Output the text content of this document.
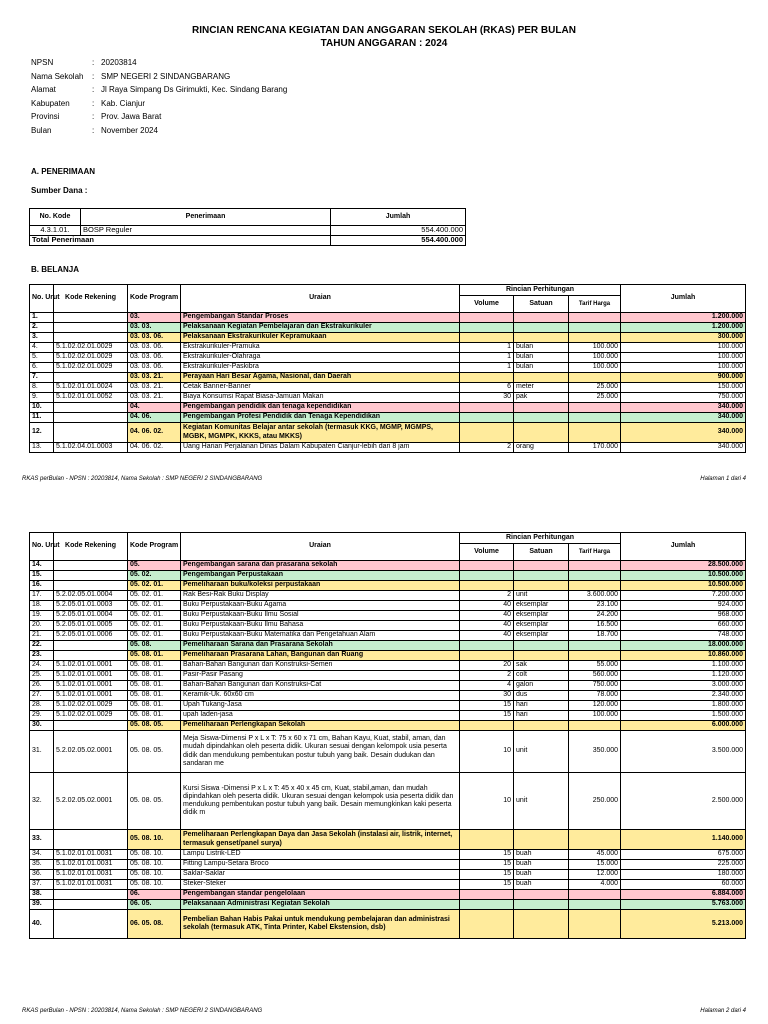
RINCIAN RENCANA KEGIATAN DAN ANGGARAN SEKOLAH (RKAS) PER BULAN
TAHUN ANGGARAN : 2024
NPSN	: 20203814
Nama Sekolah	: SMP NEGERI 2 SINDANGBARANG
Alamat	: Jl Raya Simpang Ds Girimukti, Kec. Sindang Barang
Kabupaten	: Kab. Cianjur
Provinsi	: Prov. Jawa Barat
Bulan	: November 2024
A. PENERIMAAN
Sumber Dana :
No. Kode	Penerimaan	Jumlah
4.3.1.01.	BOSP Reguler	554.400.000
Total Penerimaan		554.400.000
B. BELANJA
No. Urut	Kode Rekening	Kode Program	Uraian	Rincian Perhitungan			Jumlah
				Volume	Satuan	Tarif Harga	
1.		03.	Pengembangan Standar Proses				1.200.000
2.		03. 03.	Pelaksanaan Kegiatan Pembelajaran dan Ekstrakurikuler				1.200.000
3.		03. 03. 06.	Pelaksanaan Ekstrakurikuler Kepramukaan				300.000
4.	5.1.02.02.01.0029	03. 03. 06.	Ekstrakurikuler-Pramuka	1	bulan	100.000	100.000
5.	5.1.02.02.01.0029	03. 03. 06.	Ekstrakurikuler-Olahraga	1	bulan	100.000	100.000
6.	5.1.02.02.01.0029	03. 03. 06.	Ekstrakurikuler-Paskibra	1	bulan	100.000	100.000
7.		03. 03. 21.	Perayaan Hari Besar Agama, Nasional, dan Daerah				900.000
8.	5.1.02.01.01.0024	03. 03. 21.	Cetak Banner-Banner	6	meter	25.000	150.000
9.	5.1.02.01.01.0052	03. 03. 21.	Biaya Konsumsi Rapat Biasa-Jamuan Makan	30	pak	25.000	750.000
10.		04.	Pengembangan pendidik dan tenaga kependidikan				340.000
11.		04. 06.	Pengembangan Profesi Pendidik dan Tenaga Kependidikan				340.000
12.		04. 06. 02.	Kegiatan Komunitas Belajar antar sekolah (termasuk KKG, MGMP, MGMPS, MGBK, MGMPK, KKKS, atau MKKS)				340.000
13.	5.1.02.04.01.0003	04. 06. 02.	Uang Harian Perjalanan Dinas Dalam Kabupaten Cianjur-lebih dari 8 jam	2	orang	170.000	340.000
RKAS perBulan - NPSN : 20203814, Nama Sekolah : SMP NEGERI 2 SINDANGBARANG	Halaman 1 dari 4
No. Urut	Kode Rekening	Kode Program	Uraian	Rincian Perhitungan			Jumlah
				Volume	Satuan	Tarif Harga	
14.		05.	Pengembangan sarana dan prasarana sekolah				28.500.000
15.		05. 02.	Pengembangan Perpustakaan				10.500.000
16.		05. 02. 01.	Pemeliharaan buku/koleksi perpustakaan				10.500.000
17.	5.2.02.05.01.0004	05. 02. 01.	Rak Besi-Rak Buku Display	2	unit	3.600.000	7.200.000
18.	5.2.05.01.01.0003	05. 02. 01.	Buku Perpustakaan-Buku Agama	40	eksemplar	23.100	924.000
19.	5.2.05.01.01.0004	05. 02. 01.	Buku Perpustakaan-Buku Ilmu Sosial	40	eksemplar	24.200	968.000
20.	5.2.05.01.01.0005	05. 02. 01.	Buku Perpustakaan-Buku Ilmu Bahasa	40	eksemplar	16.500	660.000
21.	5.2.05.01.01.0006	05. 02. 01.	Buku Perpustakaan-Buku Matematika dan Pengetahuan Alam	40	eksemplar	18.700	748.000
22.		05. 08.	Pemeliharaan Sarana dan Prasarana Sekolah				18.000.000
23.		05. 08. 01.	Pemeliharaan Prasarana Lahan, Bangunan dan Ruang				10.860.000
24.	5.1.02.01.01.0001	05. 08. 01.	Bahan-Bahan Bangunan dan Konstruksi-Semen	20	sak	55.000	1.100.000
25.	5.1.02.01.01.0001	05. 08. 01.	Pasir-Pasir Pasang	2	colt	560.000	1.120.000
26.	5.1.02.01.01.0001	05. 08. 01.	Bahan-Bahan Bangunan dan Konstruksi-Cat	4	galon	750.000	3.000.000
27.	5.1.02.01.01.0001	05. 08. 01.	Keramik-Uk. 60x60 cm	30	dus	78.000	2.340.000
28.	5.1.02.02.01.0029	05. 08. 01.	Upah Tukang-Jasa	15	hari	120.000	1.800.000
29.	5.1.02.02.01.0029	05. 08. 01.	upah laden-jasa	15	hari	100.000	1.500.000
30.		05. 08. 05.	Pemeliharaan Perlengkapan Sekolah				6.000.000
31.	5.2.02.05.02.0001	05. 08. 05.	Meja Siswa-Dimensi P x L x T: 75 x 60 x 71 cm, Bahan Kayu, Kuat, stabil, aman, dan mudah dipindahkan oleh peserta didik. Ukuran sesuai dengan kelompok usia peserta didik dan mendukung pembentukan postur tubuh yang baik. Desain dudukan dan sandaran me	10	unit	350.000	3.500.000
32.	5.2.02.05.02.0001	05. 08. 05.	Kursi Siswa -Dimensi P x L x T: 45 x 40 x 45 cm, Kuat, stabil,aman, dan mudah dipindahkan oleh peserta didik. Ukuran sesuai dengan kelompok usia peserta didik dan mendukung pembentukan postur tubuh yang baik. Desain memungkinkan kaki peserta didik m	10	unit	250.000	2.500.000
33.		05. 08. 10.	Pemeliharaan Perlengkapan Daya dan Jasa Sekolah (instalasi air, listrik, internet, termasuk genset/panel surya)				1.140.000
34.	5.1.02.01.01.0031	05. 08. 10.	Lampu Listrik-LED	15	buah	45.000	675.000
35.	5.1.02.01.01.0031	05. 08. 10.	Fitting Lampu-Setara Broco	15	buah	15.000	225.000
36.	5.1.02.01.01.0031	05. 08. 10.	Saklar-Saklar	15	buah	12.000	180.000
37.	5.1.02.01.01.0031	05. 08. 10.	Steker-Steker	15	buah	4.000	60.000
38.		06.	Pengembangan standar pengelolaan				6.884.000
39.		06. 05.	Pelaksanaan Administrasi Kegiatan Sekolah				5.763.000
40.		06. 05. 08.	Pembelian Bahan Habis Pakai untuk mendukung pembelajaran dan administrasi sekolah (termasuk ATK, Tinta Printer, Kabel Ekstension, dsb)				5.213.000
RKAS perBulan - NPSN : 20203814, Nama Sekolah : SMP NEGERI 2 SINDANGBARANG	Halaman 2 dari 4
